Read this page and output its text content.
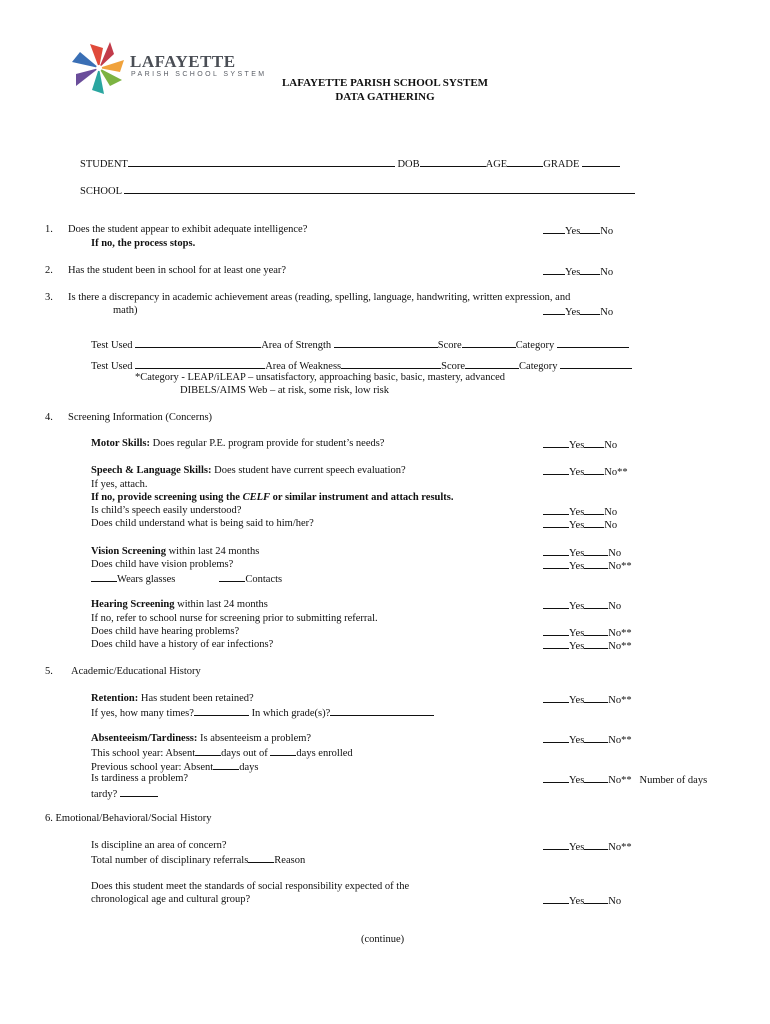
LAFAYETTE
PARISH SCHOOL SYSTEM
LAFAYETTE PARISH SCHOOL SYSTEM
DATA GATHERING
STUDENT	DOB	AGE	GRADE
SCHOOL
1. Does the student appear to exhibit adequate intelligence?
If no, the process stops.
Yes No
2. Has the student been in school for at least one year?	Yes No
3. Is there a discrepancy in academic achievement areas (reading, spelling, language, handwriting, written expression, and
math)	Yes No
Test Used	Area of Strength	Score	Category
Test Used	Area of Weakness	Score	Category
*Category - LEAP/iLEAP – unsatisfactory, approaching basic, basic, mastery, advanced
DIBELS/AIMS Web – at risk, some risk, low risk
4. Screening Information (Concerns)
Motor Skills: Does regular P.E. program provide for student’s needs?	Yes No
Speech & Language Skills: Does student have current speech evaluation?	Yes No**
If yes, attach.
If no, provide screening using the CELF or similar instrument and attach results.
Is child’s speech easily understood?	Yes No
Does child understand what is being said to him/her?	Yes No
Vision Screening within last 24 months	Yes No
Does child have vision problems?	Yes No**
Wears glasses	Contacts
Hearing Screening within last 24 months	Yes No
If no, refer to school nurse for screening prior to submitting referral.
Does child have hearing problems?	Yes No**
Does child have a history of ear infections?	Yes No**
5. Academic/Educational History
Retention: Has student been retained?	Yes No**
If yes, how many times?	In which grade(s)?
Absenteeism/Tardiness: Is absenteeism a problem?	Yes No**
This school year: Absent days out of days enrolled
Previous school year: Absent days
Is tardiness a problem?	Yes No** Number of days
tardy?
6. Emotional/Behavioral/Social History
Is discipline an area of concern?	Yes No**
Total number of disciplinary referrals Reason
Does this student meet the standards of social responsibility expected of the
chronological age and cultural group?	Yes No
(continue)
